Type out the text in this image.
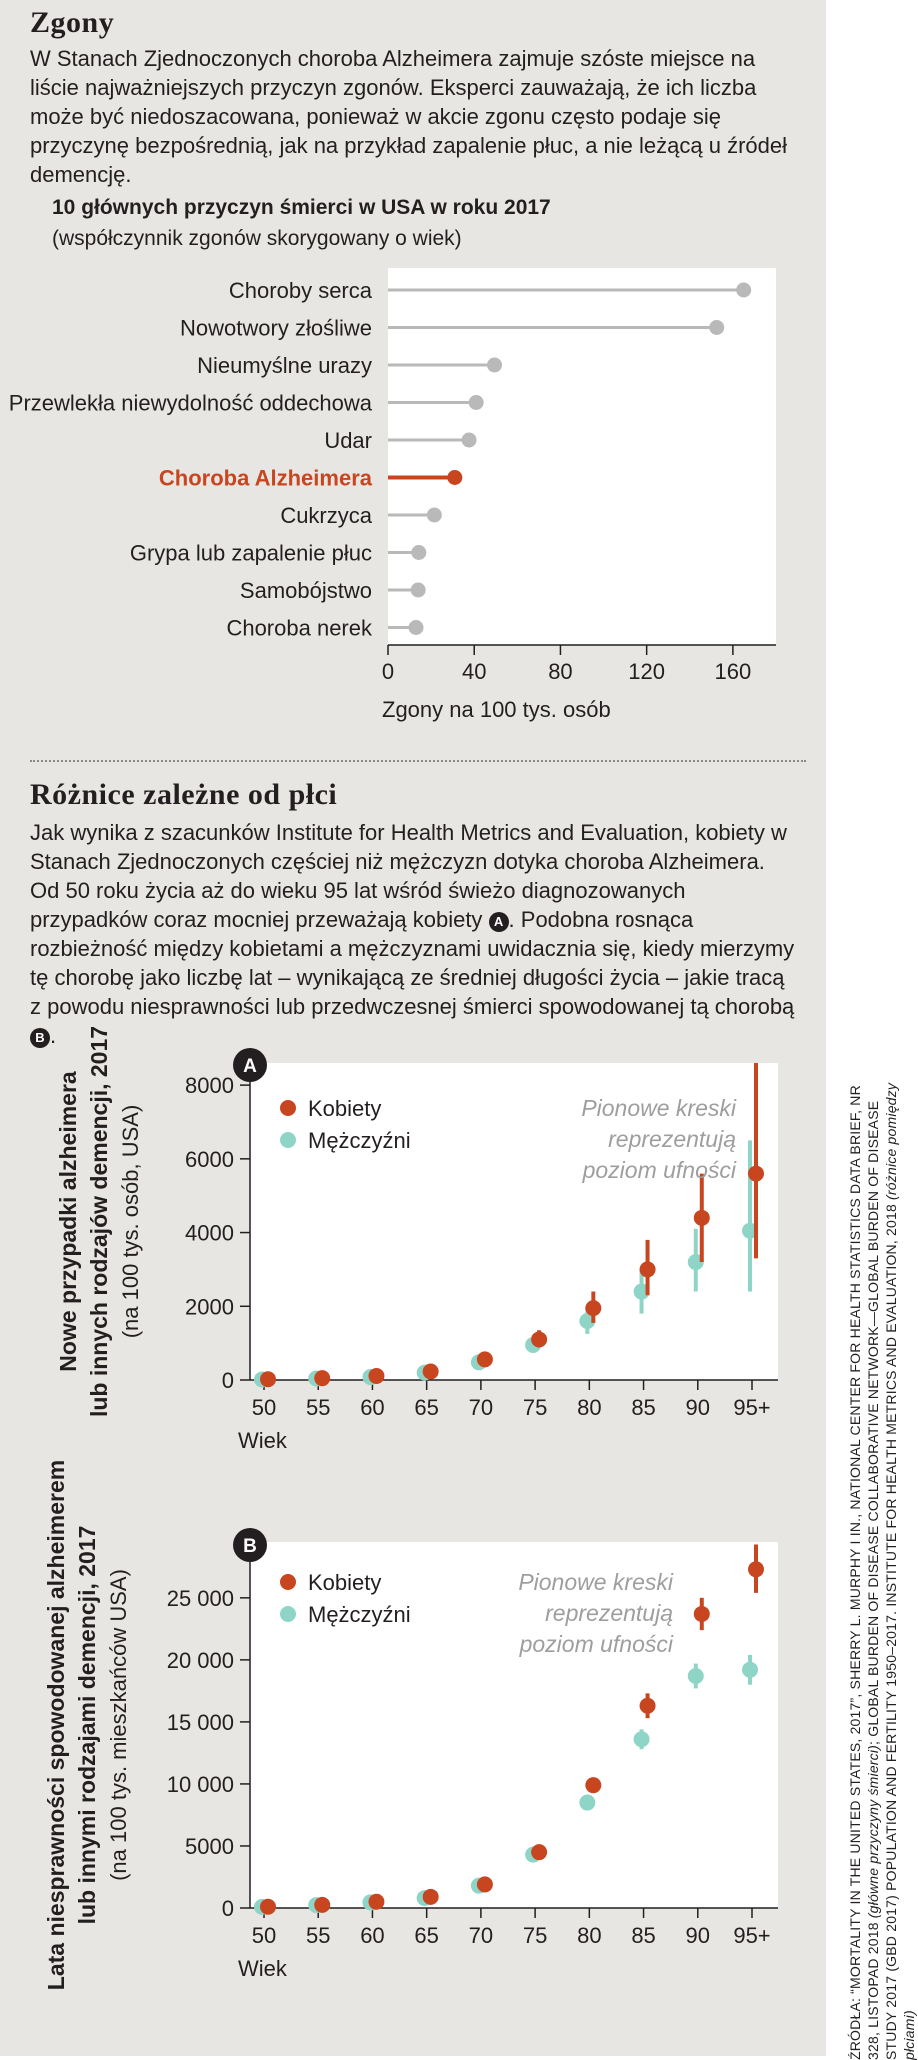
Zgony
W Stanach Zjednoczonych choroba Alzheimera zajmuje szóste miejsce na liście najważniejszych przyczyn zgonów. Eksperci zauważają, że ich liczba może być niedoszacowana, ponieważ w akcie zgonu często podaje się przyczynę bezpośrednią, jak na przykład zapalenie płuc, a nie leżącą u źródeł demencję.
10 głównych przyczyn śmierci w USA w roku 2017
(współczynnik zgonów skorygowany o wiek)
Choroby serca
Nowotwory złośliwe
Nieumyślne urazy
Przewlekła niewydolność oddechowa
Udar
Choroba Alzheimera
Cukrzyca
Grypa lub zapalenie płuc
Samobójstwo
Choroba nerek
0	40	80	120 160
Zgony na 100 tys. osób
Różnice zależne od płci
Jak wynika z szacunków Institute for Health Metrics and Evaluation, kobiety w Stanach Zjednoczonych częściej niż mężczyzn dotyka choroba Alzheimera. Od 50 roku życia aż do wieku 95 lat wśród świeżo diagnozowanych przypadków coraz mocniej przeważają kobiety A . Podobna rosnąca rozbieżność między kobietami a mężczyznami uwidacznia się, kiedy mierzymy tę chorobę jako liczbę lat – wynikającą ze średniej długości życia – jakie tracą z powodu niesprawności lub przedwczesnej śmierci spowodowanej tą chorobą B .
0
2000
4000
6000
8000
50 55 60 65 70 75 80 85 90 95+
Wiek
Kobiety
Mężczyźni
Pionowe kreski
reprezentują
poziom ufności
A
Nowe przypadki alzheimera lub innych rodzajów demencji, 2017 (na 100 tys. osób, USA)
0
5000
10 000
15 000
20 000
25 000
50 55 60 65 70 75 80 85 90 95+
Wiek
Kobiety
Mężczyźni
Pionowe kreski
reprezentują
poziom ufności
B
Lata niesprawności spowodowanej alzheimerem lub innymi rodzajami demencji, 2017 (na 100 tys. mieszkańców USA)	ŹRÓDŁA: “MORTALITY IN THE UNITED STATES, 2017”, SHERRY L. MURPHY I IN., NATIONAL CENTER FOR HEALTH STATISTICS DATA BRIEF, NR 328, LISTOPAD 2018 (główne przyczyny śmierci); GLOBAL BURDEN OF DISEASE COLLABORATIVE NETWORK—GLOBAL BURDEN OF DISEASE STUDY 2017 (GBD 2017) POPULATION AND FERTILITY 1950–2017. INSTITUTE FOR HEALTH METRICS AND EVALUATION, 2018 (różnice pomiędzy płciami)
